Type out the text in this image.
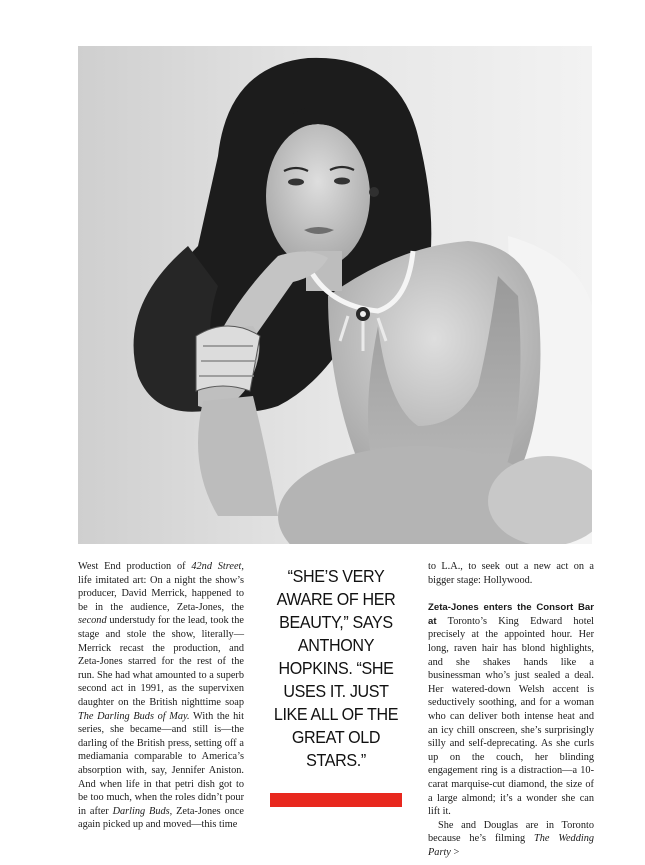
West End production of 42nd Street, life imitated art: On a night the show’s producer, David Merrick, happened to be in the audience, Zeta-Jones, the second understudy for the lead, took the stage and stole the show, literally—Merrick recast the production, and Zeta-Jones starred for the rest of the run. She had what amounted to a superb second act in 1991, as the supervixen daughter on the British nighttime soap The Darling Buds of May. With the hit series, she became—and still is—the darling of the British press, setting off a mediamania comparable to America’s absorption with, say, Jennifer Aniston. And when life in that petri dish got to be too much, when the roles didn’t pour in after Darling Buds, Zeta-Jones once again picked up and moved—this time

“SHE’S VERY AWARE OF HER BEAUTY,” SAYS ANTHONY HOPKINS. “SHE USES IT. JUST LIKE ALL OF THE GREAT OLD STARS.”

to L.A., to seek out a new act on a bigger stage: Hollywood.

Zeta-Jones enters the Consort Bar at Toronto’s King Edward hotel precisely at the appointed hour. Her long, raven hair has blond highlights, and she shakes hands like a businessman who’s just sealed a deal. Her watered-down Welsh accent is seductively soothing, and for a woman who can deliver both intense heat and an icy chill onscreen, she’s surprisingly silly and self-deprecating. As she curls up on the couch, her blinding engagement ring is a distraction—a 10-carat marquise-cut diamond, the size of a large almond; it’s a wonder she can lift it.

She and Douglas are in Toronto because he’s filming The Wedding Party >
